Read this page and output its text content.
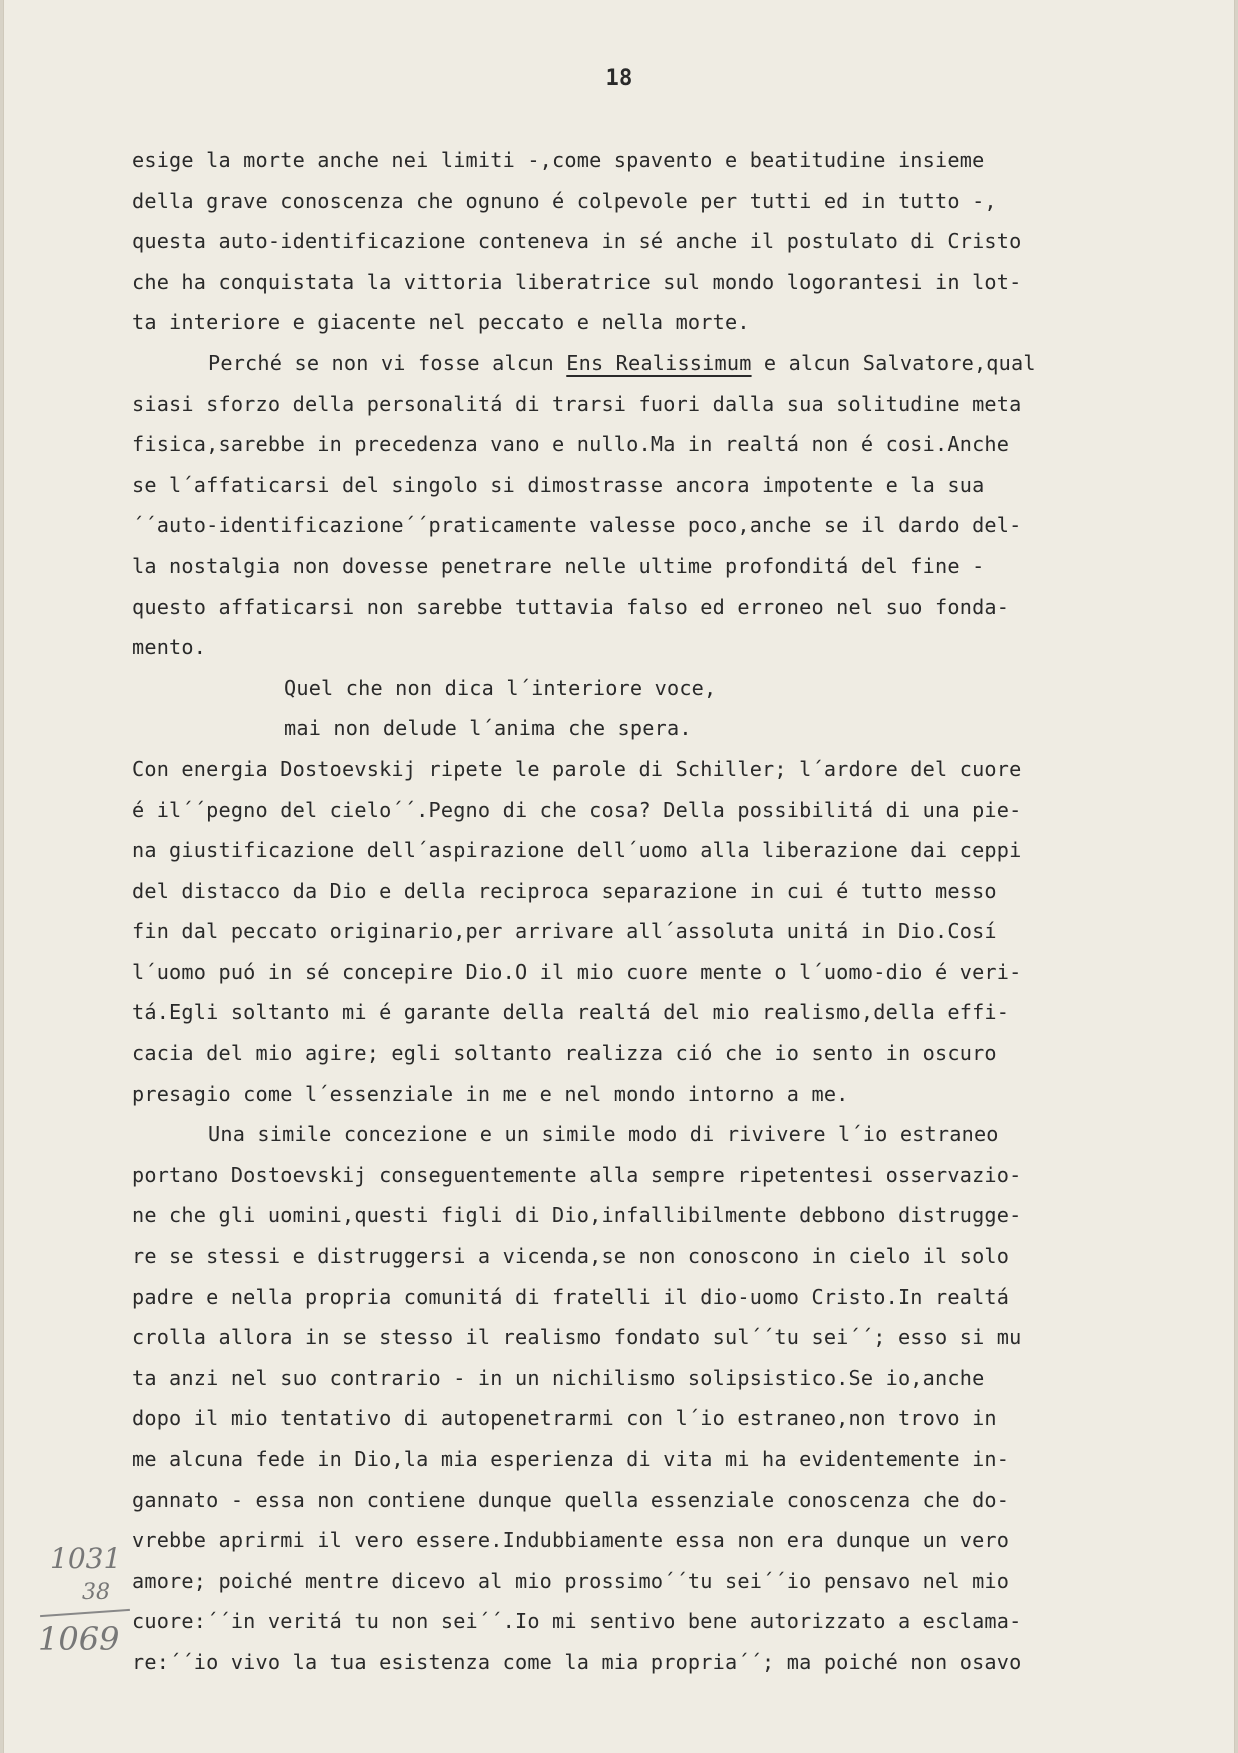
18
esige la morte anche nei limiti -,come spavento e beatitudine insieme
della grave conoscenza che ognuno é colpevole per tutti ed in tutto -,
questa auto-identificazione conteneva in sé anche il postulato di Cristo
che ha conquistata la vittoria liberatrice sul mondo logorantesi in lot-
ta interiore e giacente nel peccato e nella morte.
Perché se non vi fosse alcun Ens Realissimum e alcun Salvatore,qual
siasi sforzo della personalitá di trarsi fuori dalla sua solitudine meta
fisica,sarebbe in precedenza vano e nullo.Ma in realtá non é cosi.Anche
se l´affaticarsi del singolo si dimostrasse ancora impotente e la sua
´´auto-identificazione´´praticamente valesse poco,anche se il dardo del-
la nostalgia non dovesse penetrare nelle ultime profonditá del fine -
questo affaticarsi non sarebbe tuttavia falso ed erroneo nel suo fonda-
mento.
Quel che non dica l´interiore voce,
mai non delude l´anima che spera.
Con energia Dostoevskij ripete le parole di Schiller; l´ardore del cuore
é il´´pegno del cielo´´.Pegno di che cosa? Della possibilitá di una pie-
na giustificazione dell´aspirazione dell´uomo alla liberazione dai ceppi
del distacco da Dio e della reciproca separazione in cui é tutto messo
fin dal peccato originario,per arrivare all´assoluta unitá in Dio.Cosí
l´uomo puó in sé concepire Dio.O il mio cuore mente o l´uomo-dio é veri-
tá.Egli soltanto mi é garante della realtá del mio realismo,della effi-
cacia del mio agire; egli soltanto realizza ció che io sento in oscuro
presagio come l´essenziale in me e nel mondo intorno a me.
Una simile concezione e un simile modo di rivivere l´io estraneo
portano Dostoevskij conseguentemente alla sempre ripetentesi osservazio-
ne che gli uomini,questi figli di Dio,infallibilmente debbono distrugge-
re se stessi e distruggersi a vicenda,se non conoscono in cielo il solo
padre e nella propria comunitá di fratelli il dio-uomo Cristo.In realtá
crolla allora in se stesso il realismo fondato sul´´tu sei´´; esso si mu
ta anzi nel suo contrario - in un nichilismo solipsistico.Se io,anche
dopo il mio tentativo di autopenetrarmi con l´io estraneo,non trovo in
me alcuna fede in Dio,la mia esperienza di vita mi ha evidentemente in-
gannato - essa non contiene dunque quella essenziale conoscenza che do-
vrebbe aprirmi il vero essere.Indubbiamente essa non era dunque un vero
amore; poiché mentre dicevo al mio prossimo´´tu sei´´io pensavo nel mio
cuore:´´in veritá tu non sei´´.Io mi sentivo bene autorizzato a esclama-
re:´´io vivo la tua esistenza come la mia propria´´; ma poiché non osavo
1031
38
1069
